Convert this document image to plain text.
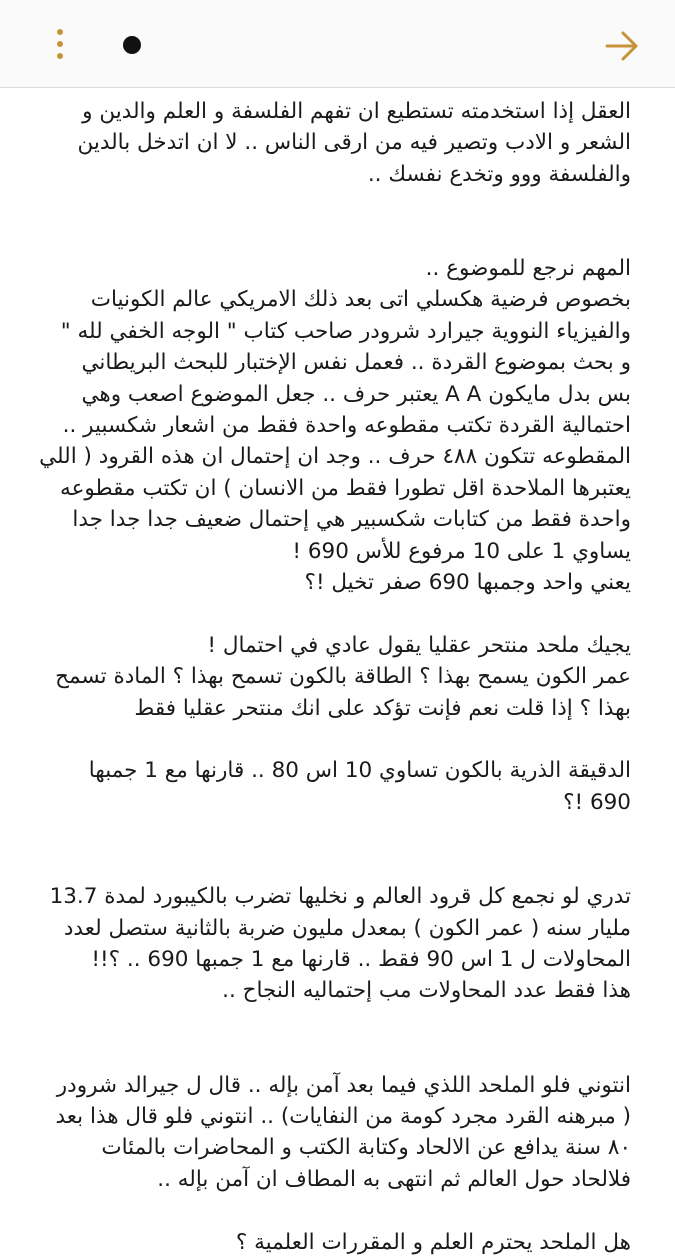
العقل إذا استخدمته تستطيع ان تفهم الفلسفة و العلم والدين و
الشعر و الادب وتصير فيه من ارقى الناس .. لا ان اتدخل بالدين
والفلسفة ووو وتخدع نفسك ..
المهم نرجع للموضوع ..
بخصوص فرضية هكسلي اتى بعد ذلك الامريكي عالم الكونيات
والفيزياء النووية جيرارد شرودر صاحب كتاب " الوجه الخفي لله "
و بحث بموضوع القردة .. فعمل نفس الإختبار للبحث البريطاني
بس بدل مايكون A A يعتبر حرف .. جعل الموضوع اصعب وهي
احتمالية القردة تكتب مقطوعه واحدة فقط من اشعار شكسبير ..
المقطوعه تتكون ٤٨٨ حرف .. وجد ان إحتمال ان هذه القرود ( اللي
يعتبرها الملاحدة اقل تطورا فقط من الانسان ) ان تكتب مقطوعه
واحدة فقط من كتابات شكسبير هي إحتمال ضعيف جدا جدا جدا
يساوي 1 على 10 مرفوع للأس 690 !
يعني واحد وجمبها 690 صفر تخيل !؟
يجيك ملحد منتحر عقليا يقول عادي في احتمال !
عمر الكون يسمح بهذا ؟ الطاقة بالكون تسمح بهذا ؟ المادة تسمح
بهذا ؟ إذا قلت نعم فإنت تؤكد على انك منتحر عقليا فقط
الدقيقة الذرية بالكون تساوي 10 اس 80 .. قارنها مع 1 جمبها
690 !؟
تدري لو نجمع كل قرود العالم و نخليها تضرب بالكيبورد لمدة 13.7
مليار سنه ( عمر الكون ) بمعدل مليون ضربة بالثانية ستصل لعدد
المحاولات ل 1 اس 90 فقط .. قارنها مع 1 جمبها 690 .. ؟!!
هذا فقط عدد المحاولات مب إحتماليه النجاح ..
انتوني فلو الملحد اللذي فيما بعد آمن بإله .. قال ل جيرالد شرودر
( مبرهنه القرد مجرد كومة من النفايات) .. انتوني فلو قال هذا بعد
٨٠ سنة يدافع عن الالحاد وكتابة الكتب و المحاضرات بالمئات
فلالحاد حول العالم ثم انتهى به المطاف ان آمن بإله ..
هل الملحد يحترم العلم و المقررات العلمية ؟
